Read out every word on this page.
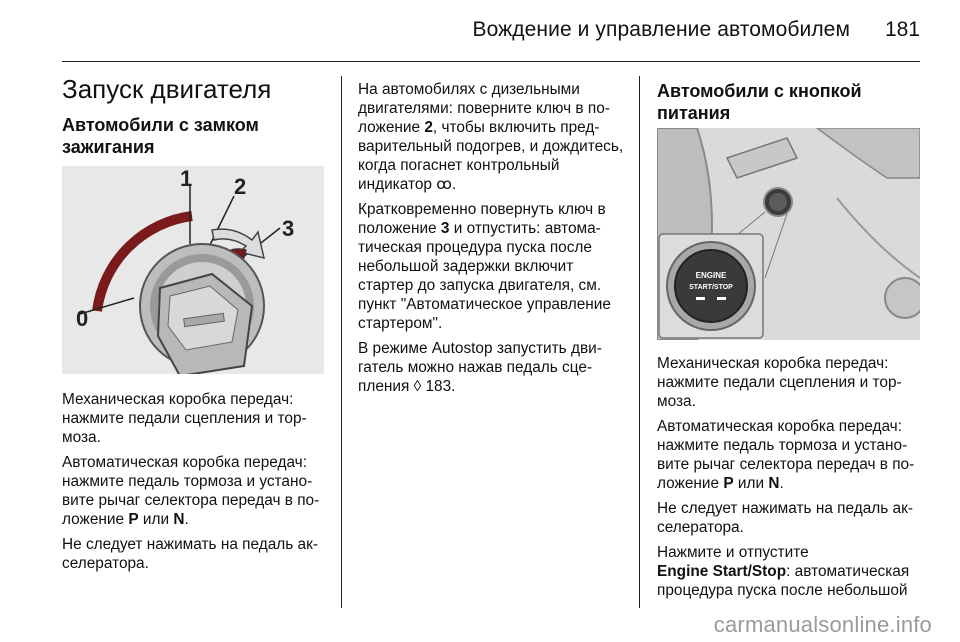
Вождение и управление автомобилем	181
Запуск двигателя
Автомобили с замком зажигания
0
1 2
3

Механическая коробка передач: нажмите педали сцепления и тормоза.

Автоматическая коробка передач: нажмите педаль тормоза и установите рычаг селектора передач в положение P или N.

Не следует нажимать на педаль акселератора.

На автомобилях с дизельными двигателями: поверните ключ в положение 2, чтобы включить предварительный подогрев, и дождитесь, когда погаснет контрольный индикатор ꝏ.

Кратковременно повернуть ключ в положение 3 и отпустить: автоматическая процедура пуска после небольшой задержки включит стартер до запуска двигателя, см. пункт "Автоматическое управление стартером".

В режиме Autostop запустить двигатель можно нажав педаль сцепления ◊ 183.

Автомобили с кнопкой питания
ENGINE
START/STOP

Механическая коробка передач: нажмите педали сцепления и тормоза.

Автоматическая коробка передач: нажмите педаль тормоза и установите рычаг селектора передач в положение P или N.

Не следует нажимать на педаль акселератора.

Нажмите и отпустите
Engine Start/Stop: автоматическая процедура пуска после небольшой

carmanualsonline.info
